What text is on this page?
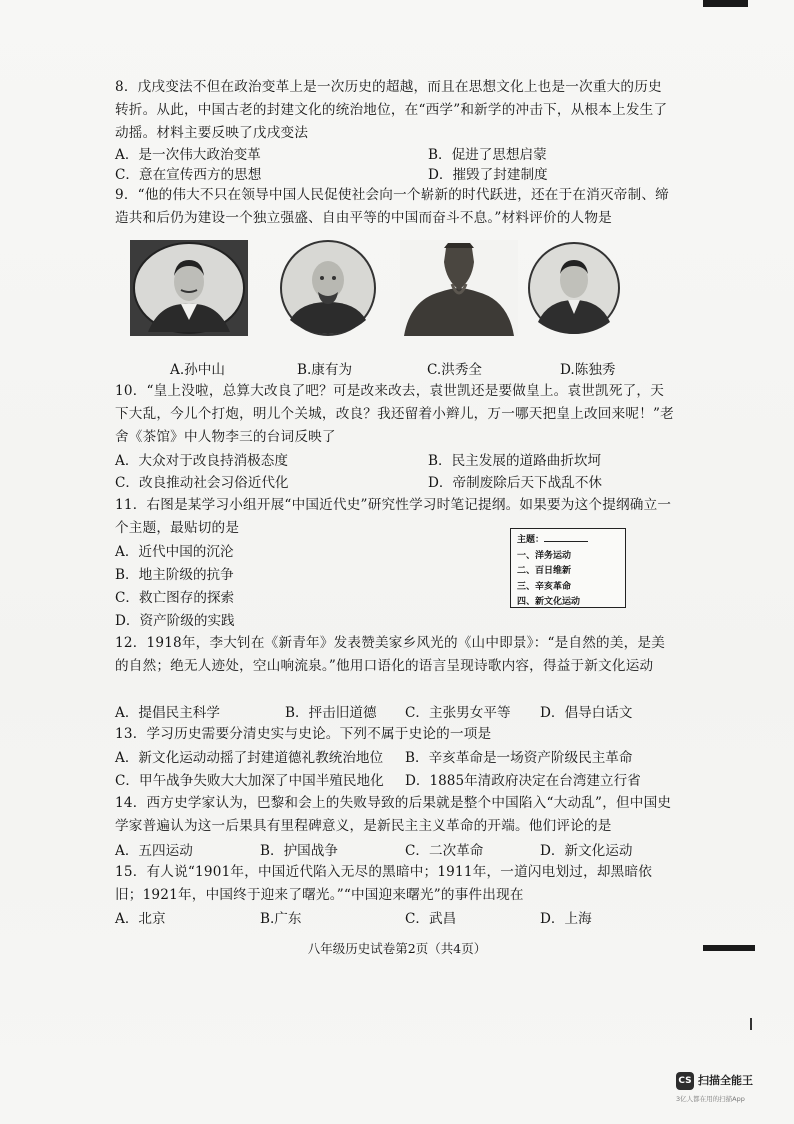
8．戊戌变法不但在政治变革上是一次历史的超越，而且在思想文化上也是一次重大的历史转折。从此，中国古老的封建文化的统治地位，在“西学”和新学的冲击下，从根本上发生了动摇。材料主要反映了戊戌变法
A．是一次伟大政治变革	B．促进了思想启蒙
C．意在宣传西方的思想	D．摧毁了封建制度
9．“他的伟大不只在领导中国人民促使社会向一个崭新的时代跃进，还在于在消灭帝制、缔造共和后仍为建设一个独立强盛、自由平等的中国而奋斗不息。”材料评价的人物是
A.孙中山	B.康有为	C.洪秀全	D.陈独秀
10．“皇上没啦，总算大改良了吧？可是改来改去，袁世凯还是要做皇上。袁世凯死了，天下大乱，今儿个打炮，明儿个关城，改良？我还留着小辫儿，万一哪天把皇上改回来呢！”老舍《茶馆》中人物李三的台词反映了
A．大众对于改良持消极态度	B．民主发展的道路曲折坎坷
C．改良推动社会习俗近代化	D．帝制废除后天下战乱不休
11．右图是某学习小组开展“中国近代史”研究性学习时笔记提纲。如果要为这个提纲确立一个主题，最贴切的是
A．近代中国的沉沦
B．地主阶级的抗争
C．救亡图存的探索
D．资产阶级的实践
主题：
一、洋务运动
二、百日维新
三、辛亥革命
四、新文化运动
12．1918年，李大钊在《新青年》发表赞美家乡风光的《山中即景》：“是自然的美，是美的自然；绝无人迹处，空山响流泉。”他用口语化的语言呈现诗歌内容，得益于新文化运动
A．提倡民主科学	B．抨击旧道德 C．主张男女平等 D．倡导白话文
13．学习历史需要分清史实与史论。下列不属于史论的一项是
A．新文化运动动摇了封建道德礼教统治地位 B．辛亥革命是一场资产阶级民主革命
C．甲午战争失败大大加深了中国半殖民地化 D．1885年清政府决定在台湾建立行省
14．西方史学家认为，巴黎和会上的失败导致的后果就是整个中国陷入“大动乱”，但中国史学家普遍认为这一后果具有里程碑意义，是新民主主义革命的开端。他们评论的是
A．五四运动	B．护国战争	C．二次革命	D．新文化运动
15．有人说“1901年，中国近代陷入无尽的黑暗中；1911年，一道闪电划过，却黑暗依旧；1921年，中国终于迎来了曙光。”“中国迎来曙光”的事件出现在
A．北京	B.广东	C．武昌	D．上海
八年级历史试卷第2页（共4页）
CS 扫描全能王
3亿人都在用的扫描App
